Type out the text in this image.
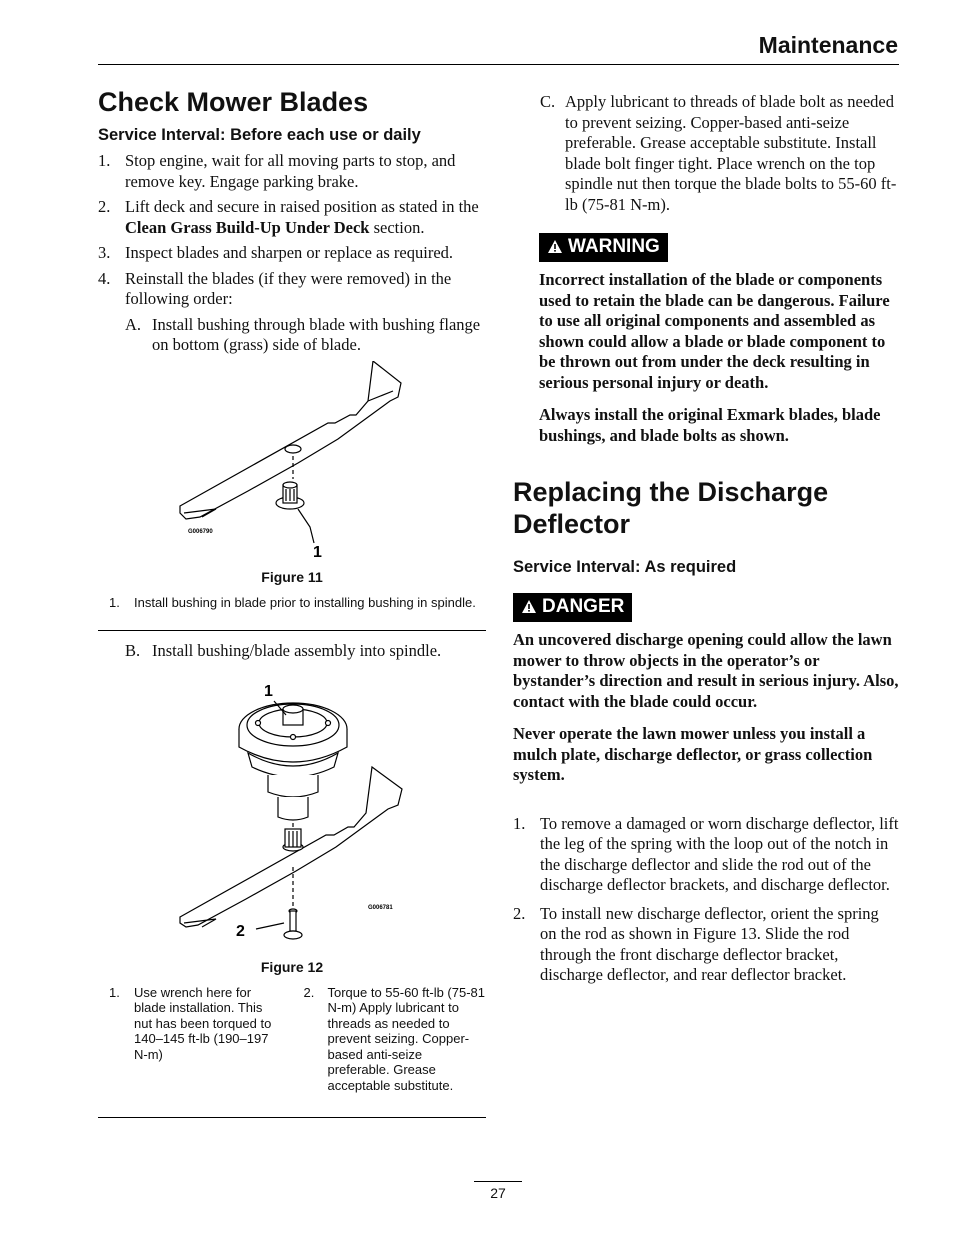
Maintenance
Check Mower Blades
Service Interval: Before each use or daily
1. Stop engine, wait for all moving parts to stop, and remove key. Engage parking brake.
2. Lift deck and secure in raised position as stated in the Clean Grass Build-Up Under Deck section.
3. Inspect blades and sharpen or replace as required.
4. Reinstall the blades (if they were removed) in the following order:
A. Install bushing through blade with bushing flange on bottom (grass) side of blade.
G006790
1
Figure 11
1. Install bushing in blade prior to installing bushing in spindle.
B. Install bushing/blade assembly into spindle.
G006781
1
2
Figure 12
1. Use wrench here for blade installation. This nut has been torqued to 140–145 ft-lb (190–197 N-m)
2. Torque to 55-60 ft-lb (75-81 N-m) Apply lubricant to threads as needed to prevent seizing. Copper-based anti-seize preferable. Grease acceptable substitute.
C. Apply lubricant to threads of blade bolt as needed to prevent seizing. Copper-based anti-seize preferable. Grease acceptable substitute. Install blade bolt finger tight. Place wrench on the top spindle nut then torque the blade bolts to 55-60 ft-lb (75-81 N-m).
WARNING
Incorrect installation of the blade or components used to retain the blade can be dangerous. Failure to use all original components and assembled as shown could allow a blade or blade component to be thrown out from under the deck resulting in serious personal injury or death.
Always install the original Exmark blades, blade bushings, and blade bolts as shown.
Replacing the Discharge Deflector
Service Interval: As required
DANGER
An uncovered discharge opening could allow the lawn mower to throw objects in the operator’s or bystander’s direction and result in serious injury. Also, contact with the blade could occur.
Never operate the lawn mower unless you install a mulch plate, discharge deflector, or grass collection system.
1. To remove a damaged or worn discharge deflector, lift the leg of the spring with the loop out of the notch in the discharge deflector and slide the rod out of the discharge deflector brackets, and discharge deflector.
2. To install new discharge deflector, orient the spring on the rod as shown in Figure 13. Slide the rod through the front discharge deflector bracket, discharge deflector, and rear deflector bracket.
27
